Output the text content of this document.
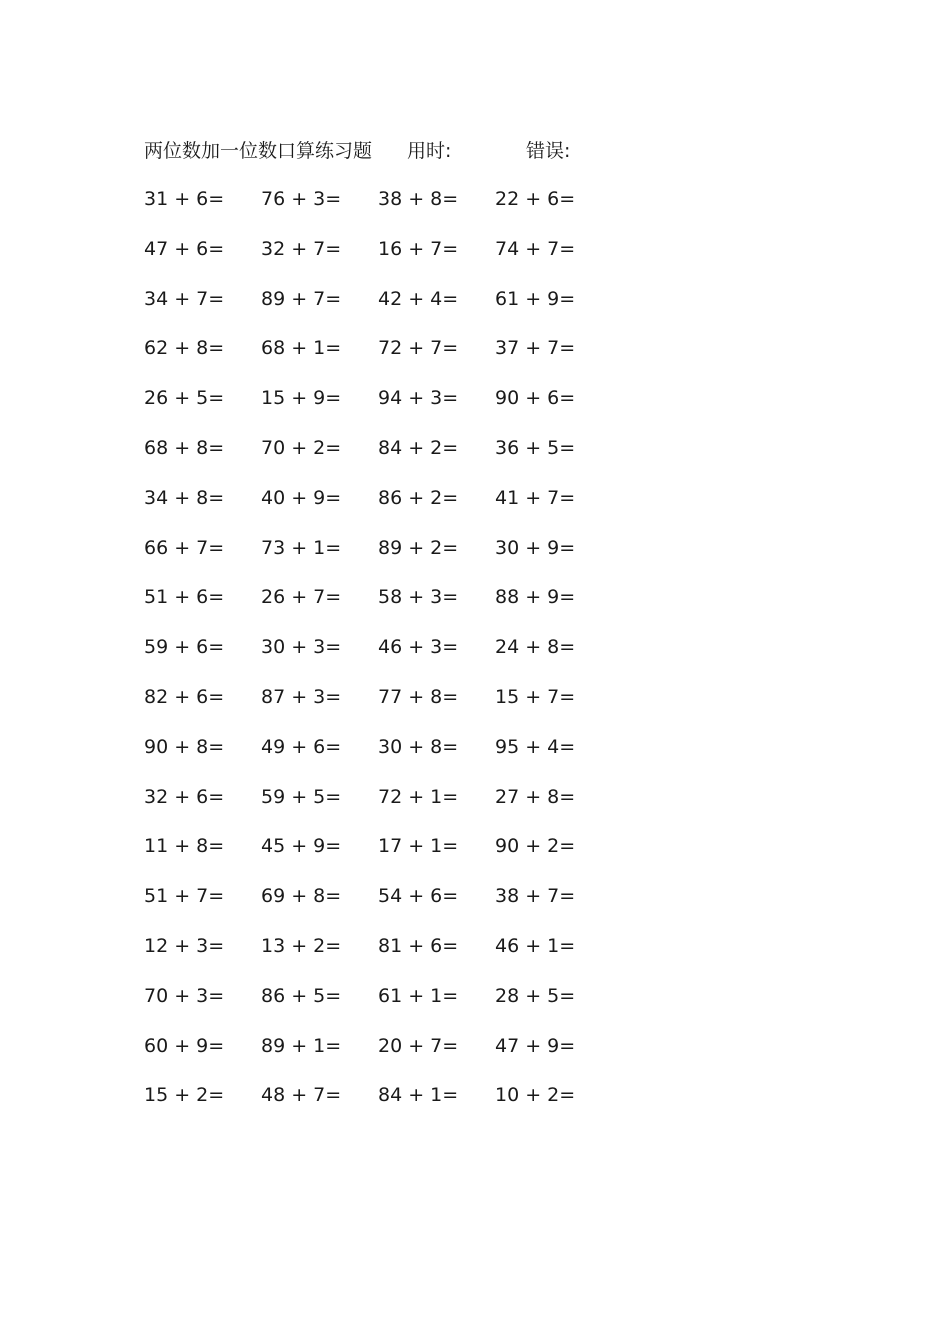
两位数加一位数口算练习题 用时:	错误:
31 + 6=	76 + 3=	38 + 8=	22 + 6=
47 + 6=	32 + 7=	16 + 7=	74 + 7=
34 + 7=	89 + 7=	42 + 4=	61 + 9=
62 + 8=	68 + 1=	72 + 7=	37 + 7=
26 + 5=	15 + 9=	94 + 3=	90 + 6=
68 + 8=	70 + 2=	84 + 2=	36 + 5=
34 + 8=	40 + 9=	86 + 2=	41 + 7=
66 + 7=	73 + 1=	89 + 2=	30 + 9=
51 + 6=	26 + 7=	58 + 3=	88 + 9=
59 + 6=	30 + 3=	46 + 3=	24 + 8=
82 + 6=	87 + 3=	77 + 8=	15 + 7=
90 + 8=	49 + 6=	30 + 8=	95 + 4=
32 + 6=	59 + 5=	72 + 1=	27 + 8=
11 + 8=	45 + 9=	17 + 1=	90 + 2=
51 + 7=	69 + 8=	54 + 6=	38 + 7=
12 + 3=	13 + 2=	81 + 6=	46 + 1=
70 + 3=	86 + 5=	61 + 1=	28 + 5=
60 + 9=	89 + 1=	20 + 7=	47 + 9=
15 + 2=	48 + 7=	84 + 1=	10 + 2=
